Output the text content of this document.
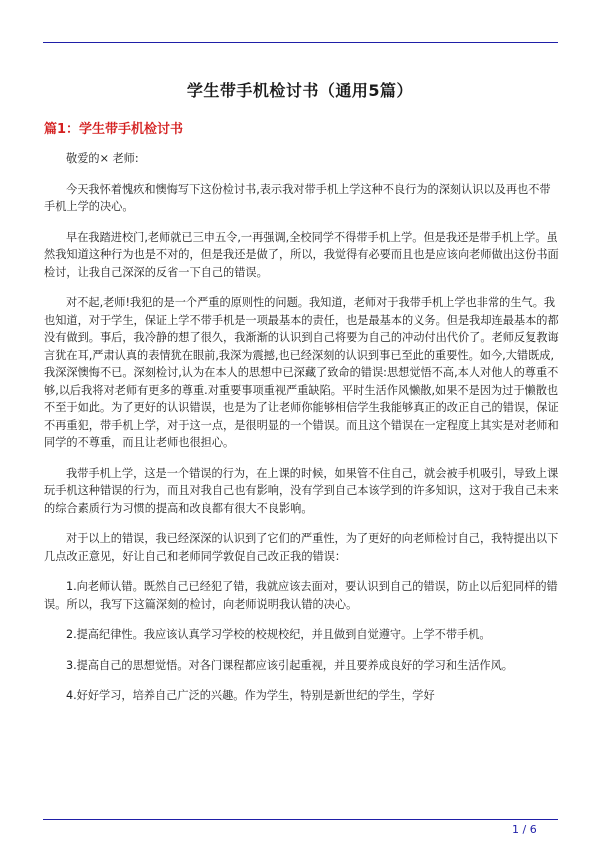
学生带手机检讨书（通用5篇）
篇1：学生带手机检讨书

敬爱的× 老师:

今天我怀着愧疚和懊悔写下这份检讨书,表示我对带手机上学这种不良行为的深刻认识以及再也不带手机上学的决心。

早在我踏进校门,老师就已三申五令,一再强调,全校同学不得带手机上学。但是我还是带手机上学。虽然我知道这种行为也是不对的，但是我还是做了，所以，我觉得有必要而且也是应该向老师做出这份书面检讨，让我自己深深的反省一下自己的错误。

对不起,老师!我犯的是一个严重的原则性的问题。我知道，老师对于我带手机上学也非常的生气。我也知道，对于学生，保证上学不带手机是一项最基本的责任，也是最基本的义务。但是我却连最基本的都没有做到。事后，我冷静的想了很久，我渐渐的认识到自己将要为自己的冲动付出代价了。老师反复教诲言犹在耳,严肃认真的表情犹在眼前,我深为震撼,也已经深刻的认识到事已至此的重要性。如今,大错既成,我深深懊悔不已。深刻检讨,认为在本人的思想中已深藏了致命的错误:思想觉悟不高,本人对他人的尊重不够,以后我将对老师有更多的尊重.对重要事项重视严重缺陷。平时生活作风懒散,如果不是因为过于懒散也不至于如此。为了更好的认识错误，也是为了让老师你能够相信学生我能够真正的改正自己的错误，保证不再重犯，带手机上学，对于这一点，是很明显的一个错误。而且这个错误在一定程度上其实是对老师和同学的不尊重，而且让老师也很担心。

我带手机上学，这是一个错误的行为，在上课的时候，如果管不住自己，就会被手机吸引，导致上课玩手机这种错误的行为，而且对我自己也有影响，没有学到自己本该学到的许多知识，这对于我自己未来的综合素质行为习惯的提高和改良都有很大不良影响。

对于以上的错误，我已经深深的认识到了它们的严重性，为了更好的向老师检讨自己，我特提出以下几点改正意见，好让自己和老师同学敦促自己改正我的错误：

1.向老师认错。既然自己已经犯了错，我就应该去面对，要认识到自己的错误，防止以后犯同样的错误。所以，我写下这篇深刻的检讨，向老师说明我认错的决心。

2.提高纪律性。我应该认真学习学校的校规校纪，并且做到自觉遵守。上学不带手机。

3.提高自己的思想觉悟。对各门课程都应该引起重视，并且要养成良好的学习和生活作风。

4.好好学习，培养自己广泛的兴趣。作为学生，特别是新世纪的学生，学好

1 / 6
